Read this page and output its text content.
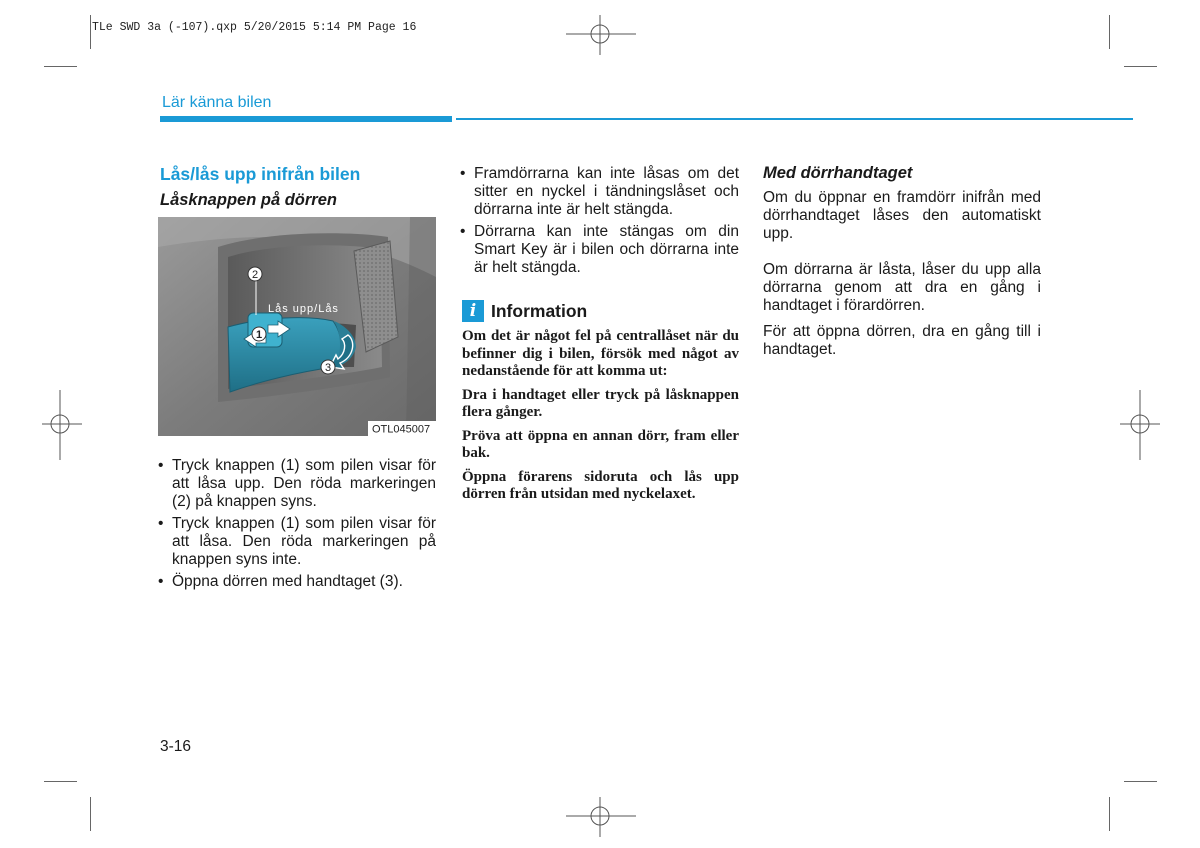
TLe SWD 3a (-107).qxp 5/20/2015 5:14 PM Page 16
Lär känna bilen
Lås/lås upp inifrån bilen
Låsknappen på dörren
2
1
3
Lås upp/Lås
OTL045007
• Tryck knappen (1) som pilen visar för att låsa upp. Den röda markeringen (2) på knappen syns.
• Tryck knappen (1) som pilen visar för att låsa. Den röda markeringen på knappen syns inte.
• Öppna dörren med handtaget (3).
• Framdörrarna kan inte låsas om det sitter en nyckel i tändningslåset och dörrarna inte är helt stängda.
• Dörrarna kan inte stängas om din Smart Key är i bilen och dörrarna inte är helt stängda.
i Information

Om det är något fel på centrallåset när du befinner dig i bilen, försök med något av nedanstående för att komma ut:

Dra i handtaget eller tryck på låsknappen flera gånger.

Pröva att öppna en annan dörr, fram eller bak.

Öppna förarens sidoruta och lås upp dörren från utsidan med nyckelaxet.

Med dörrhandtaget

Om du öppnar en framdörr inifrån med dörrhandtaget låses den automatiskt upp.

Om dörrarna är låsta, låser du upp alla dörrarna genom att dra en gång i handtaget i förardörren.

För att öppna dörren, dra en gång till i handtaget.

3-16
